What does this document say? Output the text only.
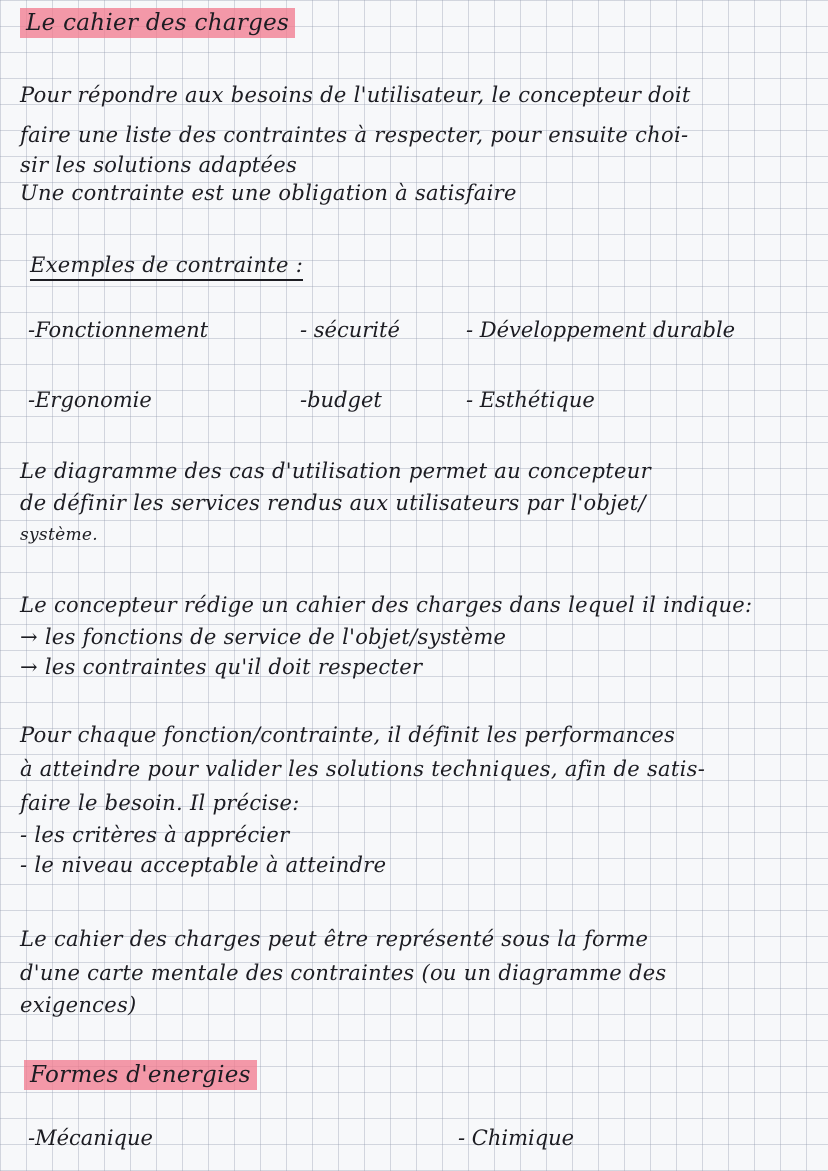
Le cahier des charges
Pour répondre aux besoins de l'utilisateur, le concepteur doit
faire une liste des contraintes à respecter, pour ensuite choi-
sir les solutions adaptées
Une contrainte est une obligation à satisfaire
Exemples de contrainte :
-Fonctionnement	- sécurité	- Développement durable
-Ergonomie	-budget	- Esthétique
Le diagramme des cas d'utilisation permet au concepteur
de définir les services rendus aux utilisateurs par l'objet/
système.
Le concepteur rédige un cahier des charges dans lequel il indique:
→ les fonctions de service de l'objet/système
→ les contraintes qu'il doit respecter
Pour chaque fonction/contrainte, il définit les performances
à atteindre pour valider les solutions techniques, afin de satis-
faire le besoin. Il précise:
- les critères à apprécier
- le niveau acceptable à atteindre
Le cahier des charges peut être représenté sous la forme
d'une carte mentale des contraintes (ou un diagramme des
exigences)
Formes d'energies
-Mécanique	- Chimique
